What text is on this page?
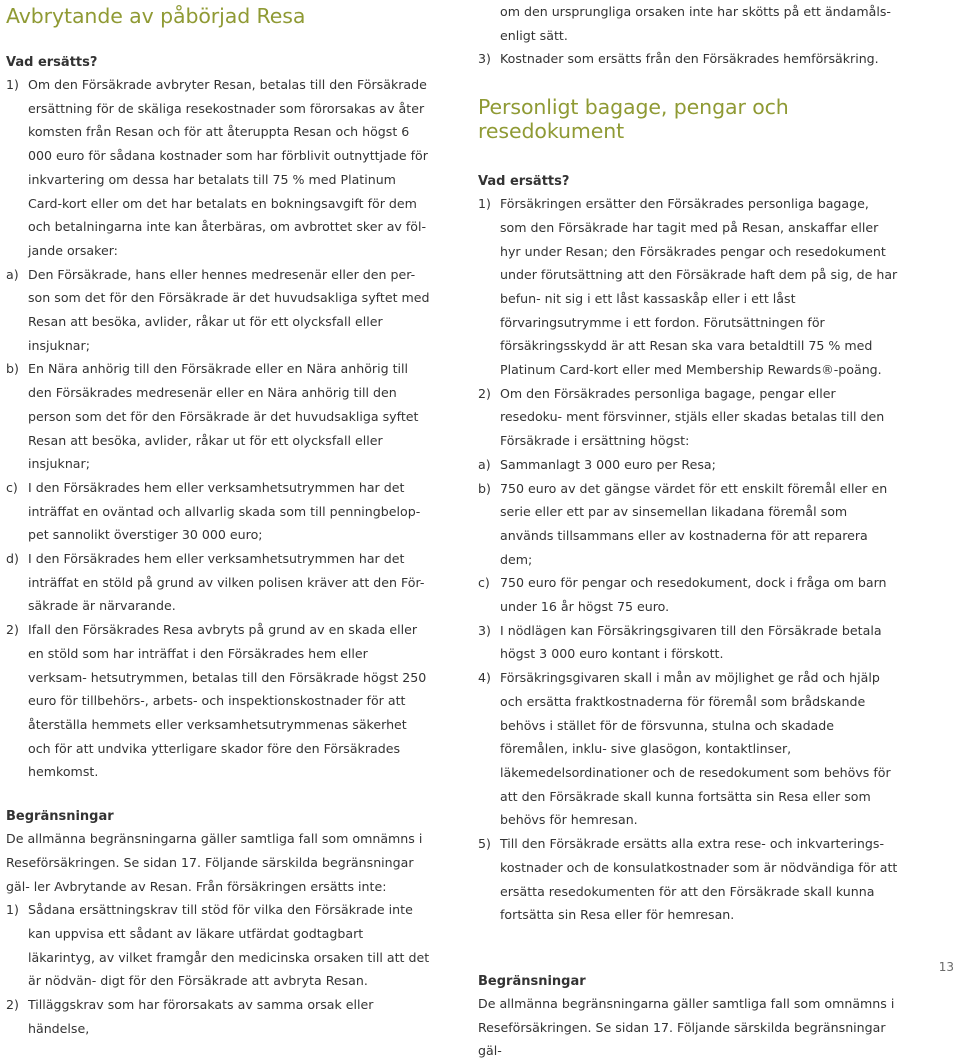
Avbrytande av påbörjad Resa
Vad ersätts?
1) Om den Försäkrade avbryter Resan, betalas till den Försäkrade ersättning för de skäliga resekostnader som förorsakas av åter komsten från Resan och för att återuppta Resan och högst 6 000 euro för sådana kostnader som har förblivit outnyttjade för inkvartering om dessa har betalats till 75 % med Platinum Card-kort eller om det har betalats en bokningsavgift för dem och betalningarna inte kan återbäras, om avbrottet sker av föl- jande orsaker:
a) Den Försäkrade, hans eller hennes medresenär eller den per- son som det för den Försäkrade är det huvudsakliga syftet med Resan att besöka, avlider, råkar ut för ett olycksfall eller insjuknar;
b) En Nära anhörig till den Försäkrade eller en Nära anhörig till den Försäkrades medresenär eller en Nära anhörig till den person som det för den Försäkrade är det huvudsakliga syftet Resan att besöka, avlider, råkar ut för ett olycksfall eller insjuknar;
c) I den Försäkrades hem eller verksamhetsutrymmen har det inträffat en oväntad och allvarlig skada som till penningbelop- pet sannolikt överstiger 30 000 euro;
d) I den Försäkrades hem eller verksamhetsutrymmen har det inträffat en stöld på grund av vilken polisen kräver att den För- säkrade är närvarande.
2) Ifall den Försäkrades Resa avbryts på grund av en skada eller en stöld som har inträffat i den Försäkrades hem eller verksam- hetsutrymmen, betalas till den Försäkrade högst 250 euro för tillbehörs-, arbets- och inspektionskostnader för att återställa hemmets eller verksamhetsutrymmenas säkerhet och för att undvika ytterligare skador före den Försäkrades hemkomst.
Begränsningar
De allmänna begränsningarna gäller samtliga fall som omnämns i Reseförsäkringen. Se sidan 17. Följande särskilda begränsningar gäl- ler Avbrytande av Resan. Från försäkringen ersätts inte:
1) Sådana ersättningskrav till stöd för vilka den Försäkrade inte kan uppvisa ett sådant av läkare utfärdat godtagbart läkarintyg, av vilket framgår den medicinska orsaken till att det är nödvän- digt för den Försäkrade att avbryta Resan.
2) Tilläggskrav som har förorsakats av samma orsak eller händelse,
om den ursprungliga orsaken inte har skötts på ett ändamåls- enligt sätt.
3) Kostnader som ersätts från den Försäkrades hemförsäkring.
Personligt bagage, pengar och resedokument
Vad ersätts?
1) Försäkringen ersätter den Försäkrades personliga bagage, som den Försäkrade har tagit med på Resan, anskaffar eller hyr under Resan; den Försäkrades pengar och resedokument under förutsättning att den Försäkrade haft dem på sig, de har befun- nit sig i ett låst kassaskåp eller i ett låst förvaringsutrymme i ett fordon. Förutsättningen för försäkringsskydd är att Resan ska vara betaldtill 75 % med Platinum Card-kort eller med Membership Rewards®-poäng.
2) Om den Försäkrades personliga bagage, pengar eller resedoku- ment försvinner, stjäls eller skadas betalas till den Försäkrade i ersättning högst:
a) Sammanlagt 3 000 euro per Resa;
b) 750 euro av det gängse värdet för ett enskilt föremål eller en serie eller ett par av sinsemellan likadana föremål som används tillsammans eller av kostnaderna för att reparera dem;
c) 750 euro för pengar och resedokument, dock i fråga om barn under 16 år högst 75 euro.
3) I nödlägen kan Försäkringsgivaren till den Försäkrade betala högst 3 000 euro kontant i förskott.
4) Försäkringsgivaren skall i mån av möjlighet ge råd och hjälp och ersätta fraktkostnaderna för föremål som brådskande behövs i stället för de försvunna, stulna och skadade föremålen, inklu- sive glasögon, kontaktlinser, läkemedelsordinationer och de resedokument som behövs för att den Försäkrade skall kunna fortsätta sin Resa eller som behövs för hemresan.
5) Till den Försäkrade ersätts alla extra rese- och inkvarterings- kostnader och de konsulatkostnader som är nödvändiga för att ersätta resedokumenten för att den Försäkrade skall kunna fortsätta sin Resa eller för hemresan.
Begränsningar
De allmänna begränsningarna gäller samtliga fall som omnämns i Reseförsäkringen. Se sidan 17. Följande särskilda begränsningar gäl-
13
